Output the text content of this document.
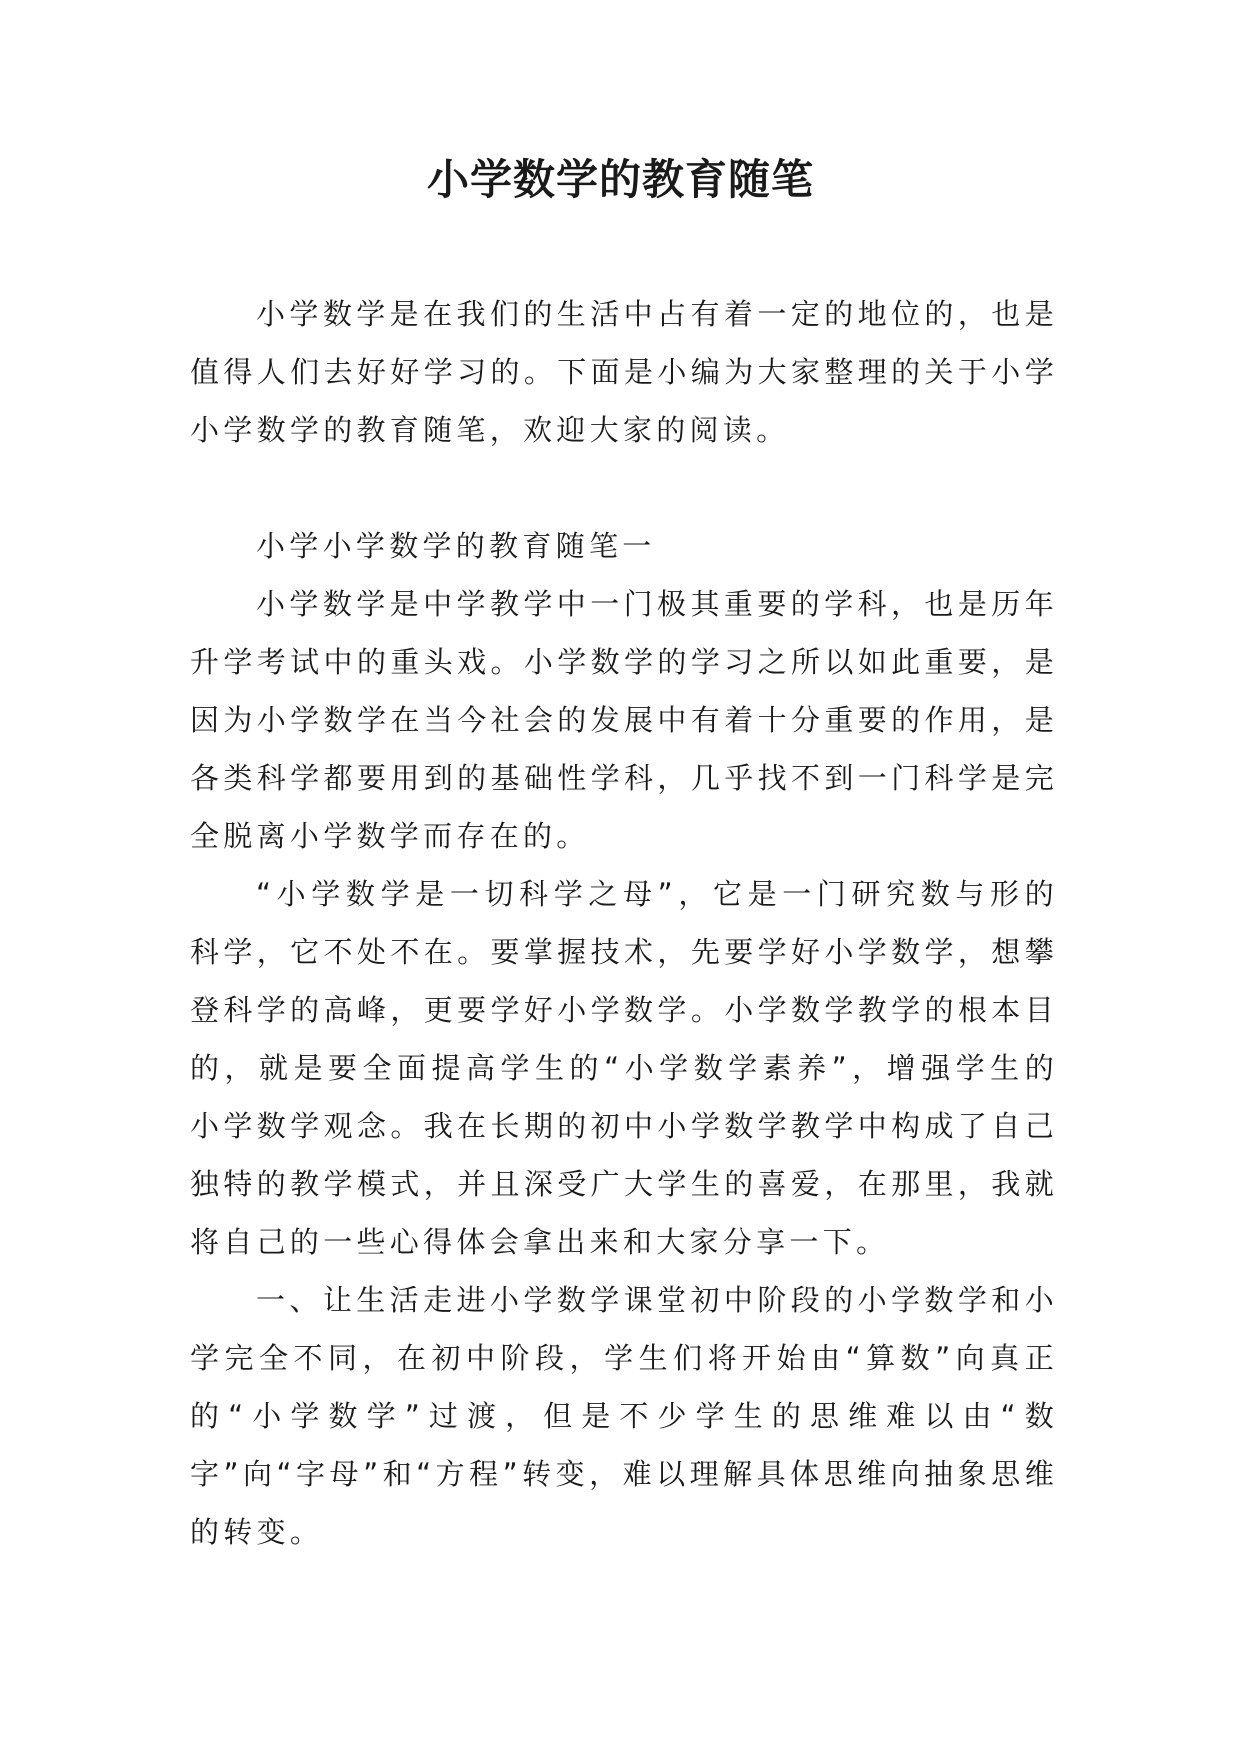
小学数学的教育随笔

小学数学是在我们的生活中占有着一定的地位的，也是值得人们去好好学习的。下面是小编为大家整理的关于小学小学数学的教育随笔，欢迎大家的阅读。

小学小学数学的教育随笔一

小学数学是中学教学中一门极其重要的学科，也是历年升学考试中的重头戏。小学数学的学习之所以如此重要，是因为小学数学在当今社会的发展中有着十分重要的作用，是各类科学都要用到的基础性学科，几乎找不到一门科学是完全脱离小学数学而存在的。

“小学数学是一切科学之母”，它是一门研究数与形的科学，它不处不在。要掌握技术，先要学好小学数学，想攀登科学的高峰，更要学好小学数学。小学数学教学的根本目的，就是要全面提高学生的“小学数学素养”，增强学生的小学数学观念。我在长期的初中小学数学教学中构成了自己独特的教学模式，并且深受广大学生的喜爱，在那里，我就将自己的一些心得体会拿出来和大家分享一下。

一、让生活走进小学数学课堂初中阶段的小学数学和小学完全不同，在初中阶段，学生们将开始由“算数”向真正的“小学数学”过渡，但是不少学生的思维难以由“数字”向“字母”和“方程”转变，难以理解具体思维向抽象思维的转变。
